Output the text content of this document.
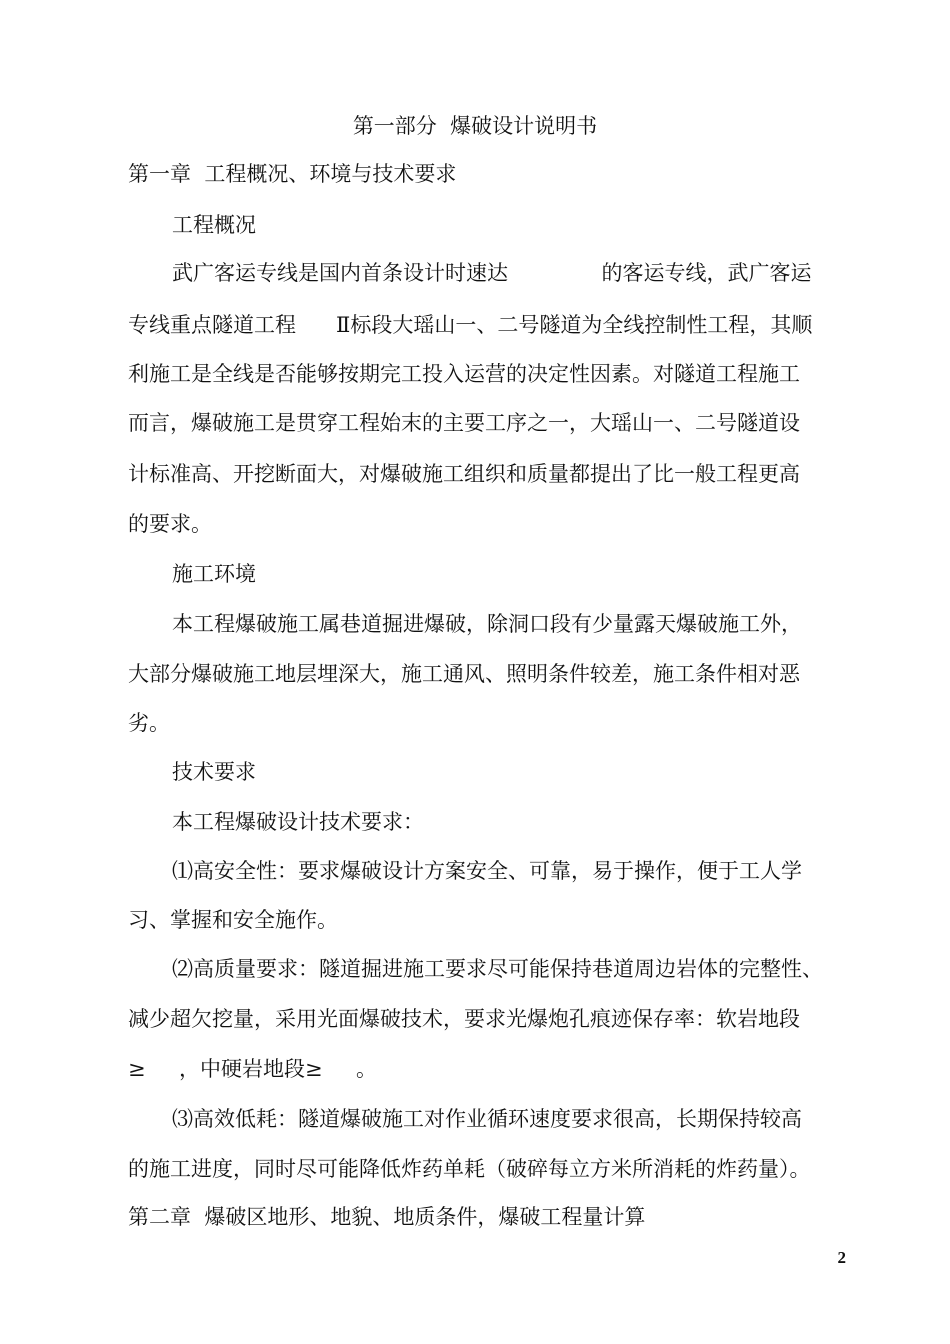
第一部分  爆破设计说明书
第一章  工程概况、环境与技术要求
工程概况
武广客运专线是国内首条设计时速达              的客运专线，武广客运
专线重点隧道工程      Ⅱ标段大瑶山一、二号隧道为全线控制性工程，其顺
利施工是全线是否能够按期完工投入运营的决定性因素。对隧道工程施工
而言，爆破施工是贯穿工程始末的主要工序之一，大瑶山一、二号隧道设
计标准高、开挖断面大，对爆破施工组织和质量都提出了比一般工程更高
的要求。
施工环境
本工程爆破施工属巷道掘进爆破，除洞口段有少量露天爆破施工外，
大部分爆破施工地层埋深大，施工通风、照明条件较差，施工条件相对恶
劣。
技术要求
本工程爆破设计技术要求：
⑴高安全性：要求爆破设计方案安全、可靠，易于操作，便于工人学
习、掌握和安全施作。
⑵高质量要求：隧道掘进施工要求尽可能保持巷道周边岩体的完整性、
减少超欠挖量，采用光面爆破技术，要求光爆炮孔痕迹保存率：软岩地段
≥     ，中硬岩地段≥     。
⑶高效低耗：隧道爆破施工对作业循环速度要求很高，长期保持较高
的施工进度，同时尽可能降低炸药单耗（破碎每立方米所消耗的炸药量）。
第二章  爆破区地形、地貌、地质条件，爆破工程量计算
2
